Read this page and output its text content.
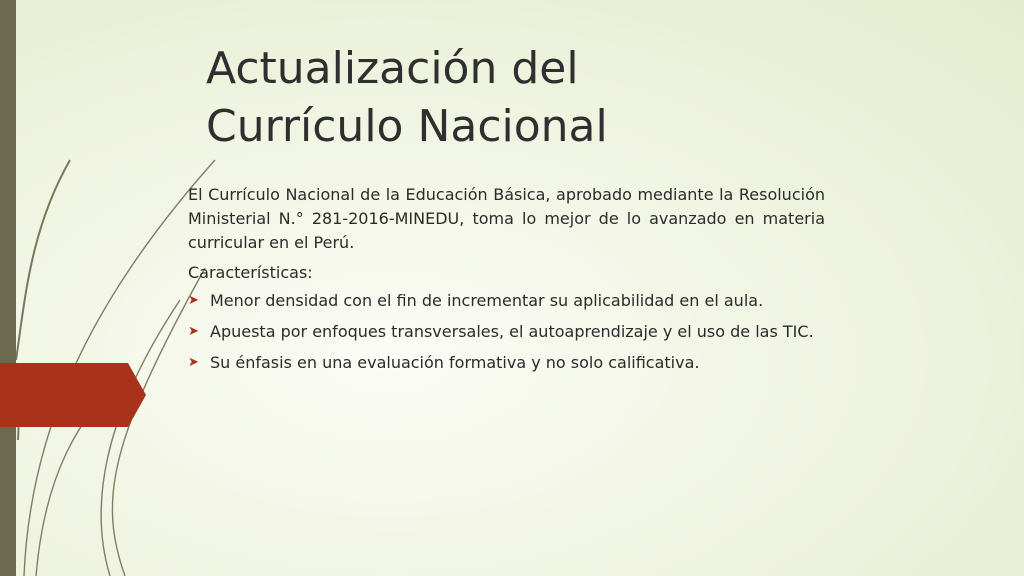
Actualización del
Currículo Nacional

El Currículo Nacional de la Educación Básica, aprobado mediante la Resolución Ministerial N.° 281-2016-MINEDU, toma lo mejor de lo avanzado en materia curricular en el Perú.

Características:

➤ Menor densidad con el fin de incrementar su aplicabilidad en el aula.
➤ Apuesta por enfoques transversales, el autoaprendizaje y el uso de las TIC.
➤ Su énfasis en una evaluación formativa y no solo calificativa.
